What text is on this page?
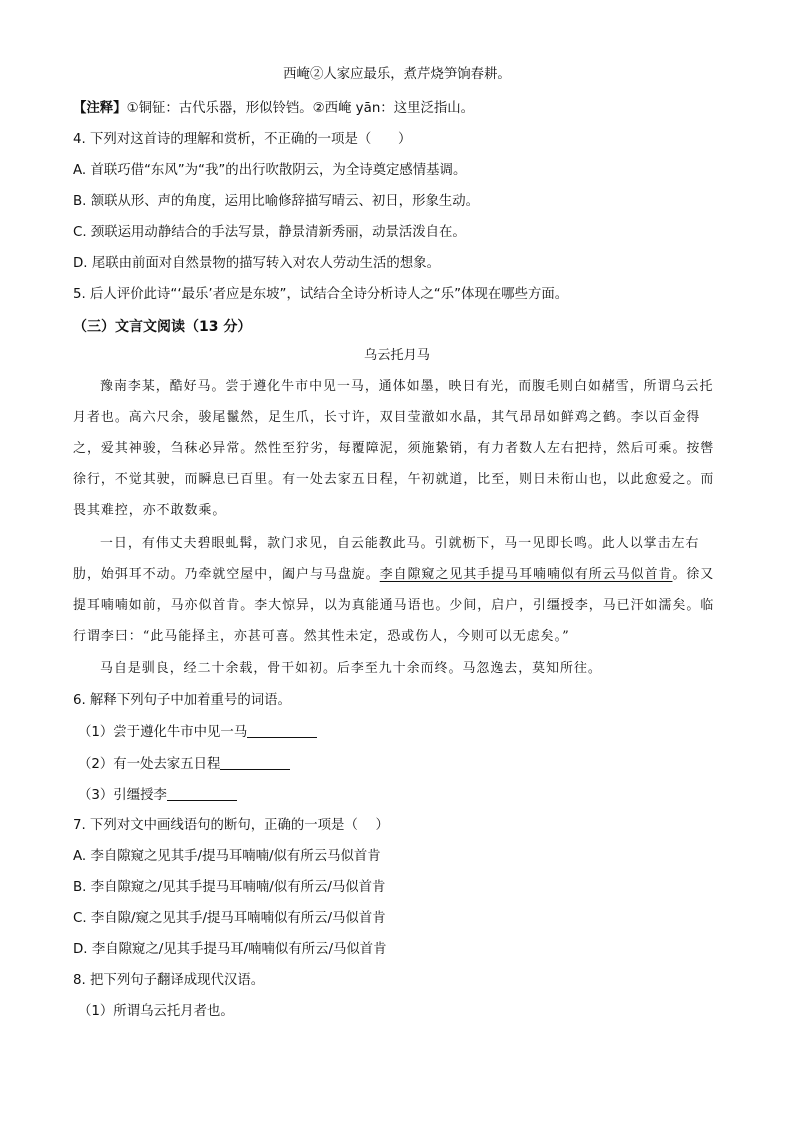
西崦②人家应最乐，煮芹烧笋饷春耕。
【注释】①铜钲：古代乐器，形似铃铛。②西崦 yān：这里泛指山。
4. 下列对这首诗的理解和赏析，不正确的一项是（　　）
A. 首联巧借“东风”为“我”的出行吹散阴云，为全诗奠定感情基调。
B. 颔联从形、声的角度，运用比喻修辞描写晴云、初日，形象生动。
C. 颈联运用动静结合的手法写景，静景清新秀丽，动景活泼自在。
D. 尾联由前面对自然景物的描写转入对农人劳动生活的想象。
5. 后人评价此诗“‘最乐’者应是东坡”，试结合全诗分析诗人之“乐”体现在哪些方面。
（三）文言文阅读（13 分）
乌云托月马
豫南李某，酷好马。尝于遵化牛市中见一马，通体如墨，映日有光，而腹毛则白如赭雪，所谓乌云托
月者也。高六尺余，骏尾鬣然，足生爪，长寸许，双目莹澈如水晶，其气昂昂如鲜鸡之鹤。李以百金得
之，爱其神骏，刍秣必异常。然性至狞劣，每覆障泥，须施絷销，有力者数人左右把持，然后可乘。按辔
徐行，不觉其驶，而瞬息已百里。有一处去家五日程，午初就道，比至，则日未衔山也，以此愈爱之。而
畏其难控，亦不敢数乘。
一日，有伟丈夫碧眼虬髯，款门求见，自云能教此马。引就枥下，马一见即长鸣。此人以掌击左右
肋，始弭耳不动。乃牵就空屋中，阖户与马盘旋。李自隙窥之见其手提马耳喃喃似有所云马似首肯。徐又
提耳喃喃如前，马亦似首肯。李大惊异，以为真能通马语也。少间，启户，引缰授李，马已汗如濡矣。临
行谓李曰：“此马能择主，亦甚可喜。然其性未定，恐或伤人，今则可以无虑矣。”
马自是驯良，经二十余载，骨干如初。后李至九十余而终。马忽逸去，莫知所往。
6. 解释下列句子中加着重号的词语。
（1）尝于遵化牛市中见一马
（2）有一处去家五日程
（3）引缰授李
7. 下列对文中画线语句的断句，正确的一项是（　 ）
A. 李自隙窥之见其手/提马耳喃喃/似有所云马似首肯
B. 李自隙窥之/见其手提马耳喃喃/似有所云/马似首肯
C. 李自隙/窥之见其手/提马耳喃喃似有所云/马似首肯
D. 李自隙窥之/见其手提马耳/喃喃似有所云/马似首肯
8. 把下列句子翻译成现代汉语。
（1）所谓乌云托月者也。
